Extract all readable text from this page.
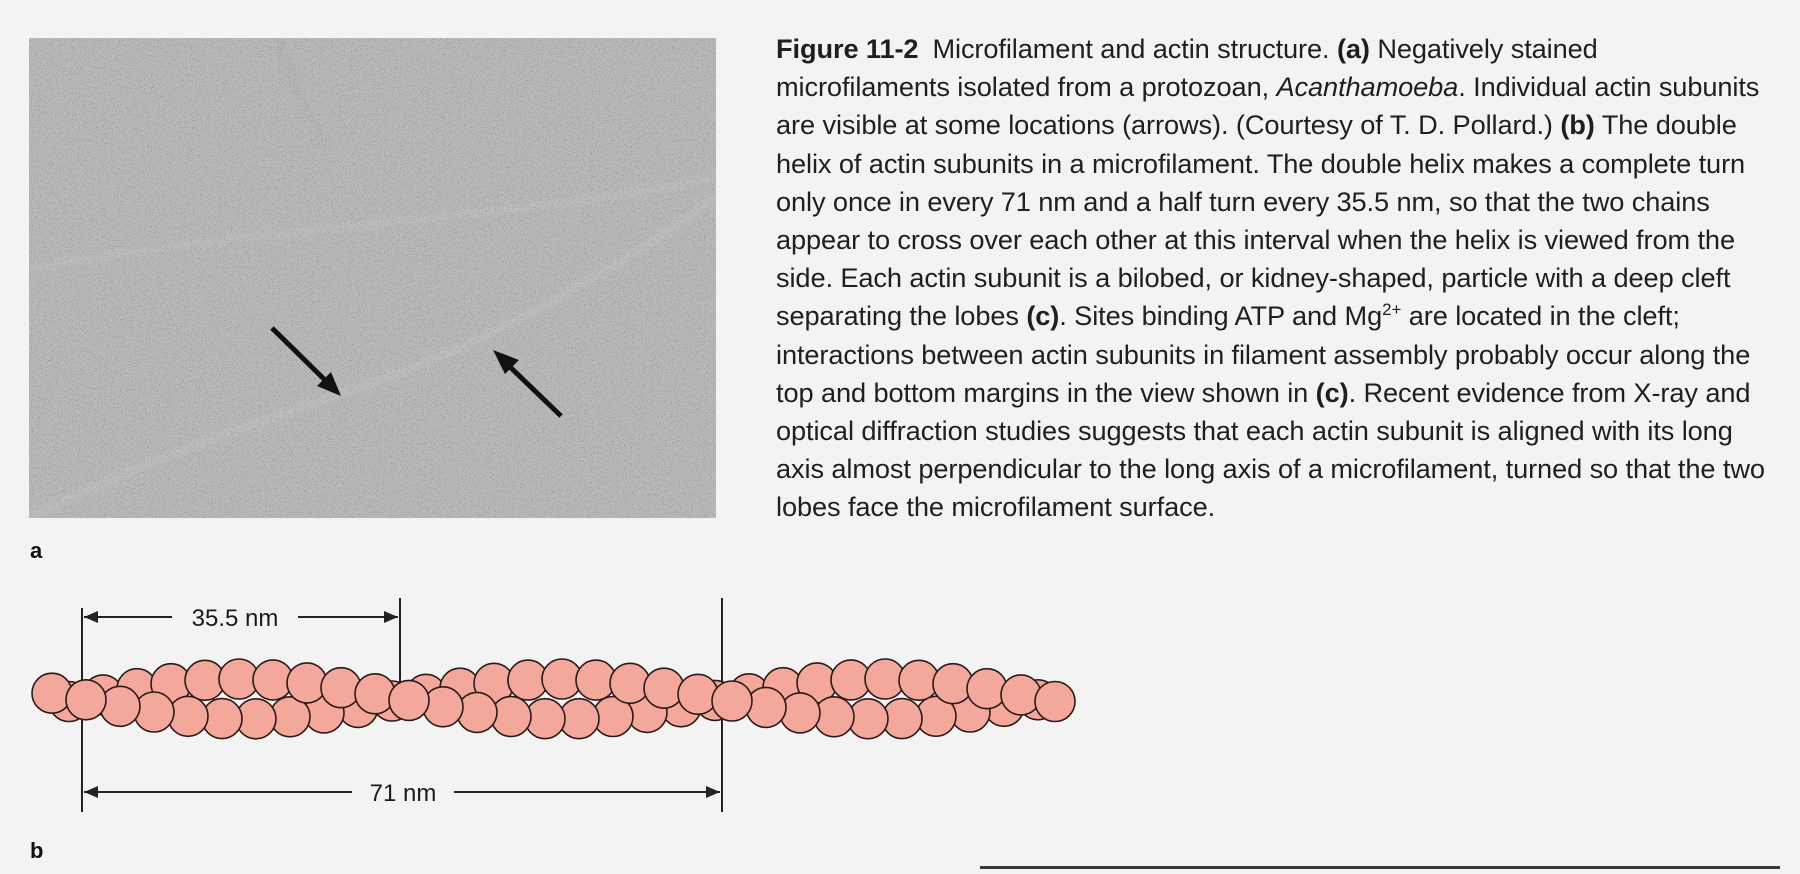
a

Figure 11-2 Microfilament and actin structure. (a) Negatively stained microfilaments isolated from a protozoan, Acanthamoeba. Individual actin subunits are visible at some locations (arrows). (Courtesy of T. D. Pollard.) (b) The double helix of actin subunits in a microfilament. The double helix makes a complete turn only once in every 71 nm and a half turn every 35.5 nm, so that the two chains appear to cross over each other at this interval when the helix is viewed from the side. Each actin subunit is a bilobed, or kidney-shaped, particle with a deep cleft separating the lobes (c). Sites binding ATP and $Mg^{2+}$ are located in the cleft; interactions between actin subunits in filament assembly probably occur along the top and bottom margins in the view shown in (c). Recent evidence from X-ray and optical diffraction studies suggests that each actin subunit is aligned with its long axis almost perpendicular to the long axis of a microfilament, turned so that the two lobes face the microfilament surface.

35.5 nm
71 nm
b
